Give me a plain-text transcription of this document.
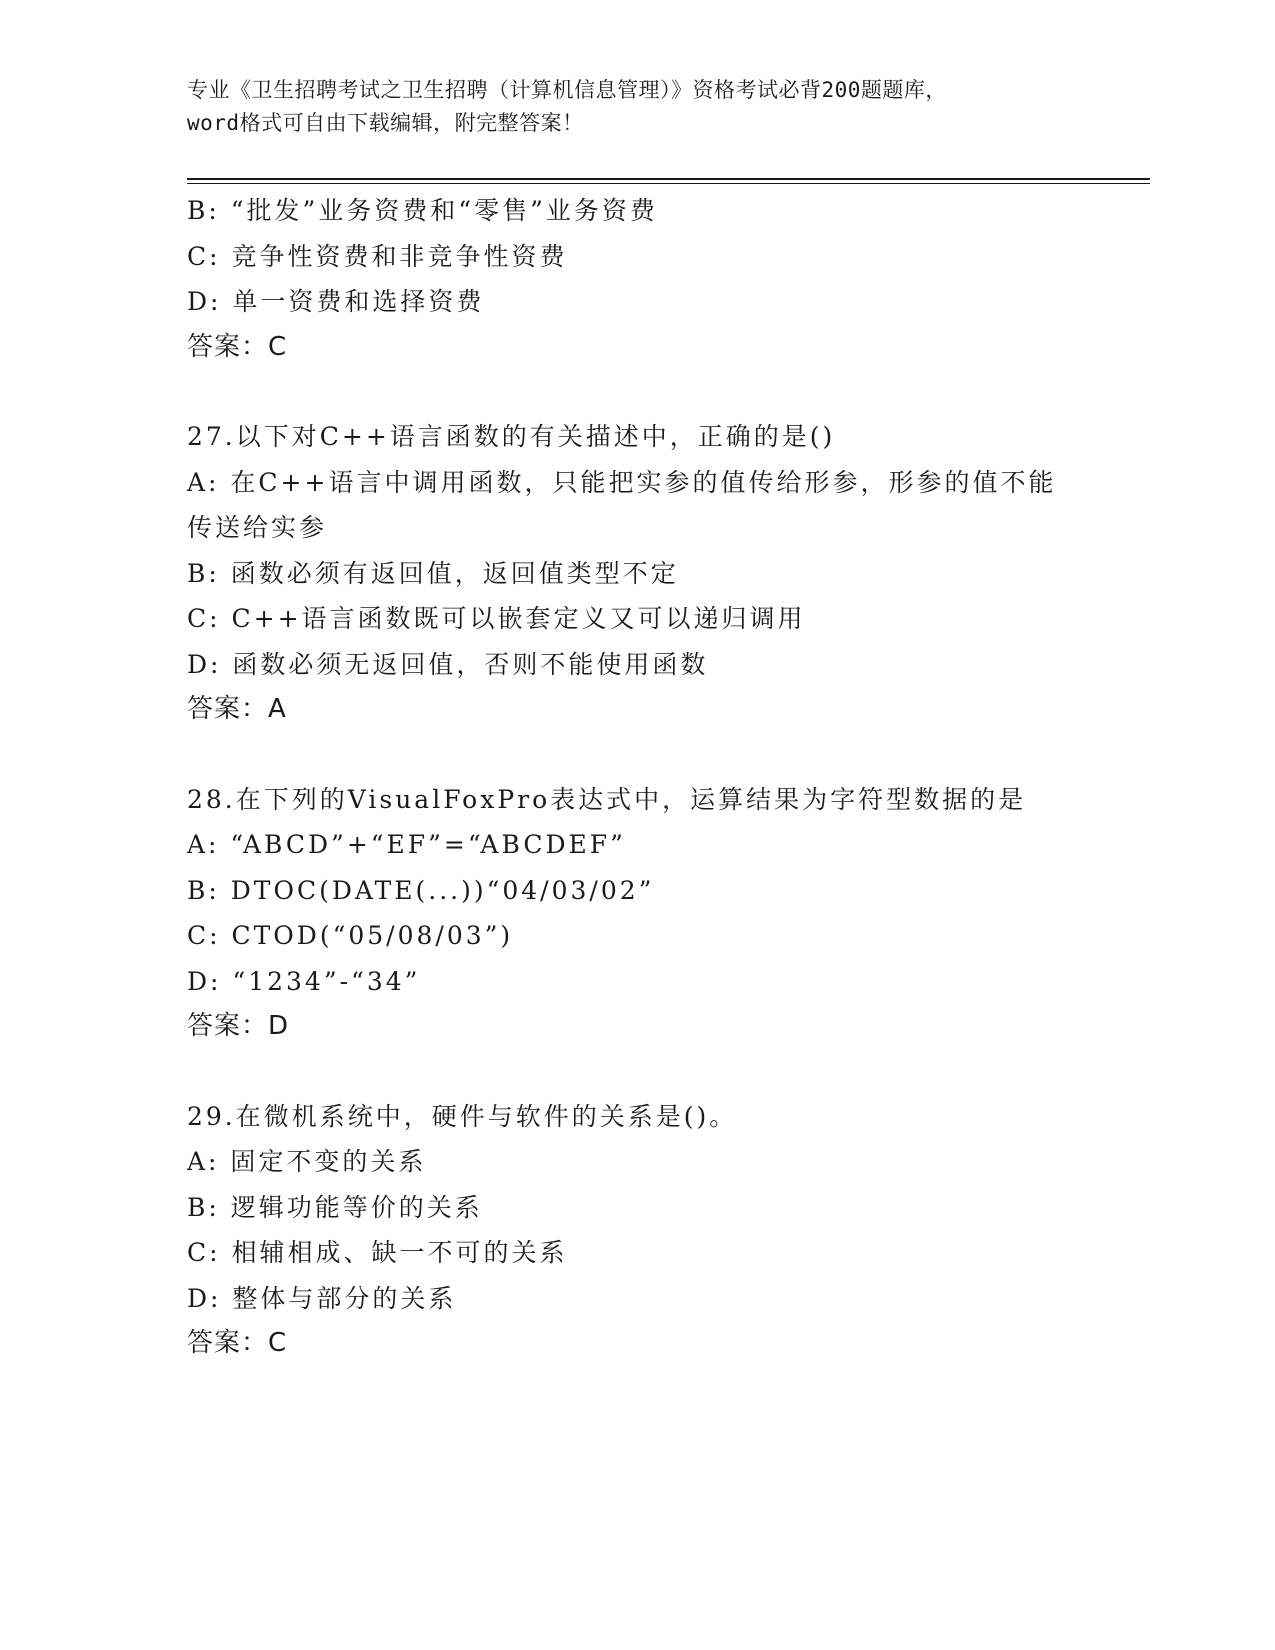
专业《卫生招聘考试之卫生招聘（计算机信息管理）》资格考试必背200题题库，
word格式可自由下载编辑，附完整答案！
B: “批发”业务资费和“零售”业务资费
C: 竞争性资费和非竞争性资费
D: 单一资费和选择资费
答案：C
27.以下对C++语言函数的有关描述中，正确的是()
A: 在C++语言中调用函数，只能把实参的值传给形参，形参的值不能
传送给实参
B: 函数必须有返回值，返回值类型不定
C: C++语言函数既可以嵌套定义又可以递归调用
D: 函数必须无返回值，否则不能使用函数
答案：A
28.在下列的VisualFoxPro表达式中，运算结果为字符型数据的是
A: “ABCD”+“EF”=“ABCDEF”
B: DTOC(DATE(...))“04/03/02”
C: CTOD(“05/08/03”)
D: “1234”-“34”
答案：D
29.在微机系统中，硬件与软件的关系是()。
A: 固定不变的关系
B: 逻辑功能等价的关系
C: 相辅相成、缺一不可的关系
D: 整体与部分的关系
答案：C
